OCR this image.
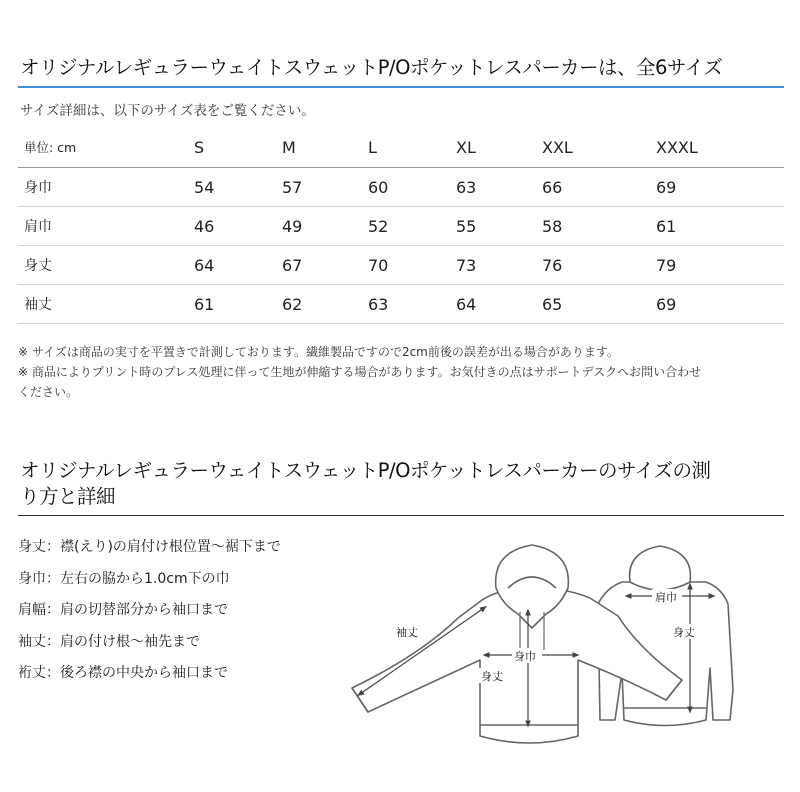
オリジナルレギュラーウェイトスウェットP/Oポケットレスパーカーは、全6サイズ
サイズ詳細は、以下のサイズ表をご覧ください。
単位: cm	S	M	L	XL	XXL	XXXL
身巾	54	57	60	63	66	69
肩巾	46	49	52	55	58	61
身丈	64	67	70	73	76	79
袖丈	61	62	63	64	65	69
※ サイズは商品の実寸を平置きで計測しております。繊維製品ですので2cm前後の誤差が出る場合があります。
※ 商品によりプリント時のプレス処理に伴って生地が伸縮する場合があります。お気付きの点はサポートデスクへお問い合わせ
ください。
オリジナルレギュラーウェイトスウェットP/Oポケットレスパーカーのサイズの測
り方と詳細
身丈：襟(えり)の肩付け根位置〜裾下まで
身巾：左右の脇から1.0cm下の巾
肩幅：肩の切替部分から袖口まで
袖丈：肩の付け根〜袖先まで
裄丈：後ろ襟の中央から袖口まで
袖丈
身巾
身丈
肩巾
身丈
